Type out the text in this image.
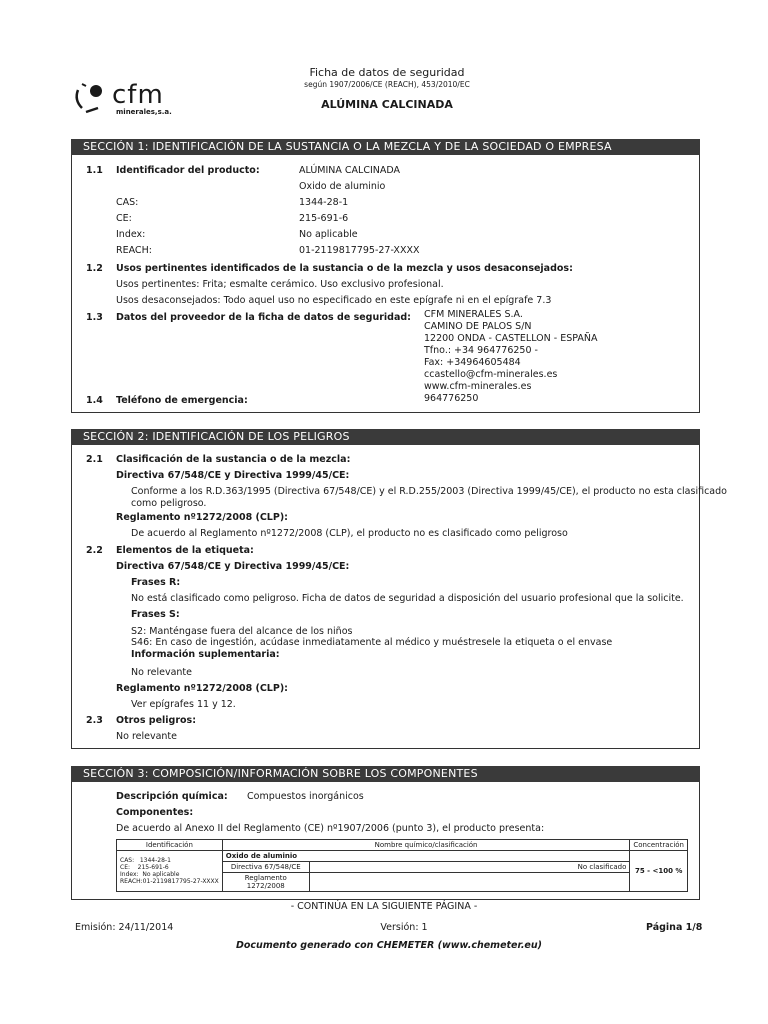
cfm
minerales,s.a.
Ficha de datos de seguridad
según 1907/2006/CE (REACH), 453/2010/EC
ALÚMINA CALCINADA
SECCIÓN 1: IDENTIFICACIÓN DE LA SUSTANCIA O LA MEZCLA Y DE LA SOCIEDAD O EMPRESA
1.1 Identificador del producto:	ALÚMINA CALCINADA
Oxido de aluminio
CAS:	1344-28-1
CE:	215-691-6
Index:	No aplicable
REACH:	01-2119817795-27-XXXX
1.2 Usos pertinentes identificados de la sustancia o de la mezcla y usos desaconsejados:
Usos pertinentes: Frita; esmalte cerámico. Uso exclusivo profesional.
Usos desaconsejados: Todo aquel uso no especificado en este epígrafe ni en el epígrafe 7.3
1.3 Datos del proveedor de la ficha de datos de seguridad: CFM MINERALES S.A.
CAMINO DE PALOS S/N
12200 ONDA - CASTELLON - ESPAÑA
Tfno.: +34 964776250 -
Fax: +34964605484
ccastello@cfm-minerales.es
www.cfm-minerales.es
1.4 Teléfono de emergencia:	964776250
SECCIÓN 2: IDENTIFICACIÓN DE LOS PELIGROS
2.1 Clasificación de la sustancia o de la mezcla:
Directiva 67/548/CE y Directiva 1999/45/CE:
Conforme a los R.D.363/1995 (Directiva 67/548/CE) y el R.D.255/2003 (Directiva 1999/45/CE), el producto no esta clasificado
como peligroso.
Reglamento nº1272/2008 (CLP):
De acuerdo al Reglamento nº1272/2008 (CLP), el producto no es clasificado como peligroso
2.2 Elementos de la etiqueta:
Directiva 67/548/CE y Directiva 1999/45/CE:
Frases R:
No está clasificado como peligroso. Ficha de datos de seguridad a disposición del usuario profesional que la solicite.
Frases S:
S2: Manténgase fuera del alcance de los niños
S46: En caso de ingestión, acúdase inmediatamente al médico y muéstresele la etiqueta o el envase
Información suplementaria:
No relevante
Reglamento nº1272/2008 (CLP):
Ver epígrafes 11 y 12.
2.3 Otros peligros:
No relevante
SECCIÓN 3: COMPOSICIÓN/INFORMACIÓN SOBRE LOS COMPONENTES
Descripción química: Compuestos inorgánicos
Componentes:
De acuerdo al Anexo II del Reglamento (CE) nº1907/2006 (punto 3), el producto presenta:
Identificación	Nombre químico/clasificación		Concentración

CAS:   1344-28-1
CE:    215-691-6
Index:  No aplicable
REACH:01-2119817795-27-XXXX	Oxido de aluminio		75 - <100 %
	Directiva 67/548/CE	No clasificado	
	Reglamento 1272/2008		
- CONTINÚA EN LA SIGUIENTE PÁGINA -
Emisión: 24/11/2014	Versión: 1	Página 1/8
Documento generado con CHEMETER (www.chemeter.eu)
